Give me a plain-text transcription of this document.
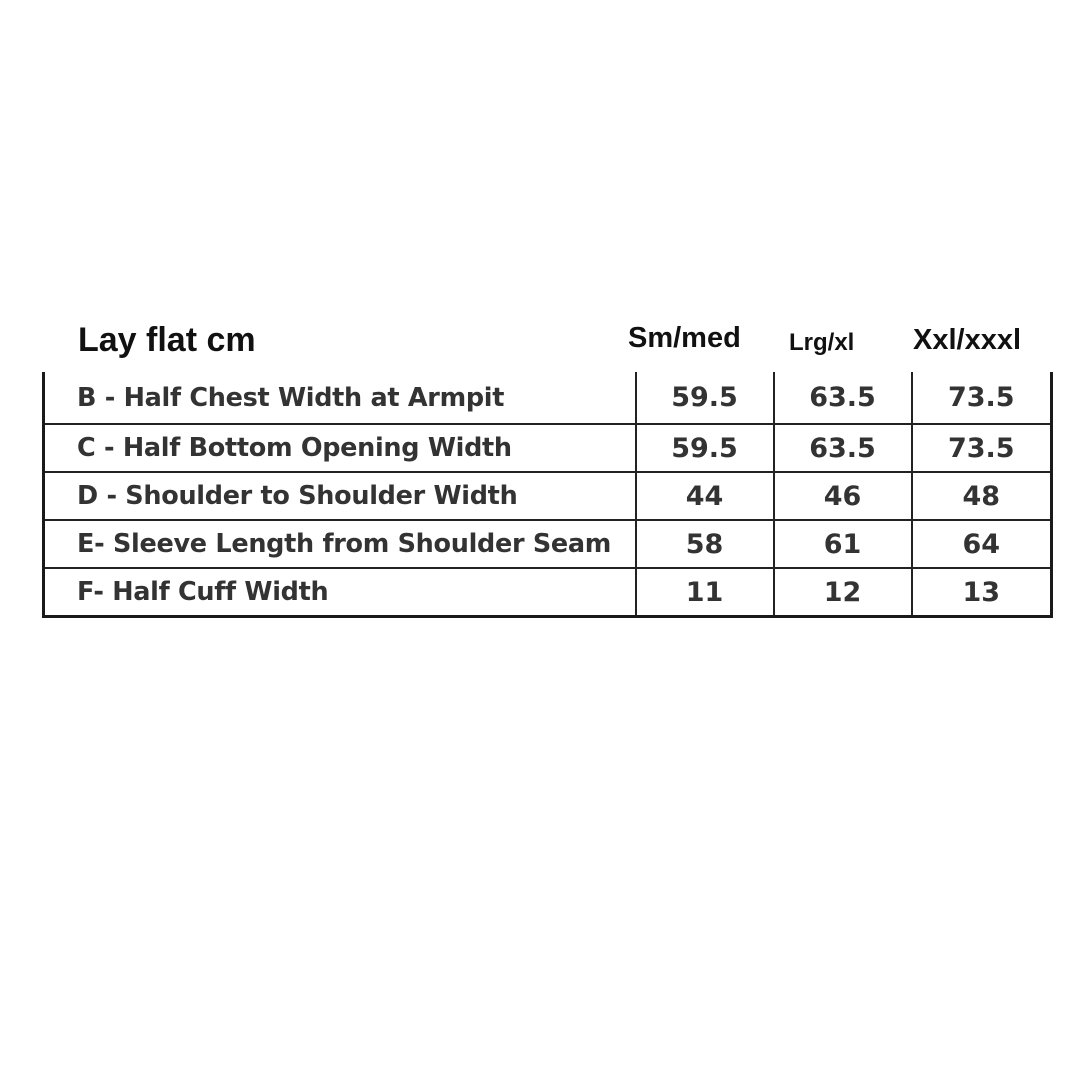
Lay flat cm	Sm/med Lrg/xl Xxl/xxxl
B - Half Chest Width at Armpit	59.5	63.5	73.5
C - Half Bottom Opening Width	59.5	63.5	73.5
D - Shoulder to Shoulder Width	44	46	48
E- Sleeve Length from Shoulder Seam	58	61	64
F- Half Cuff Width	11	12	13
